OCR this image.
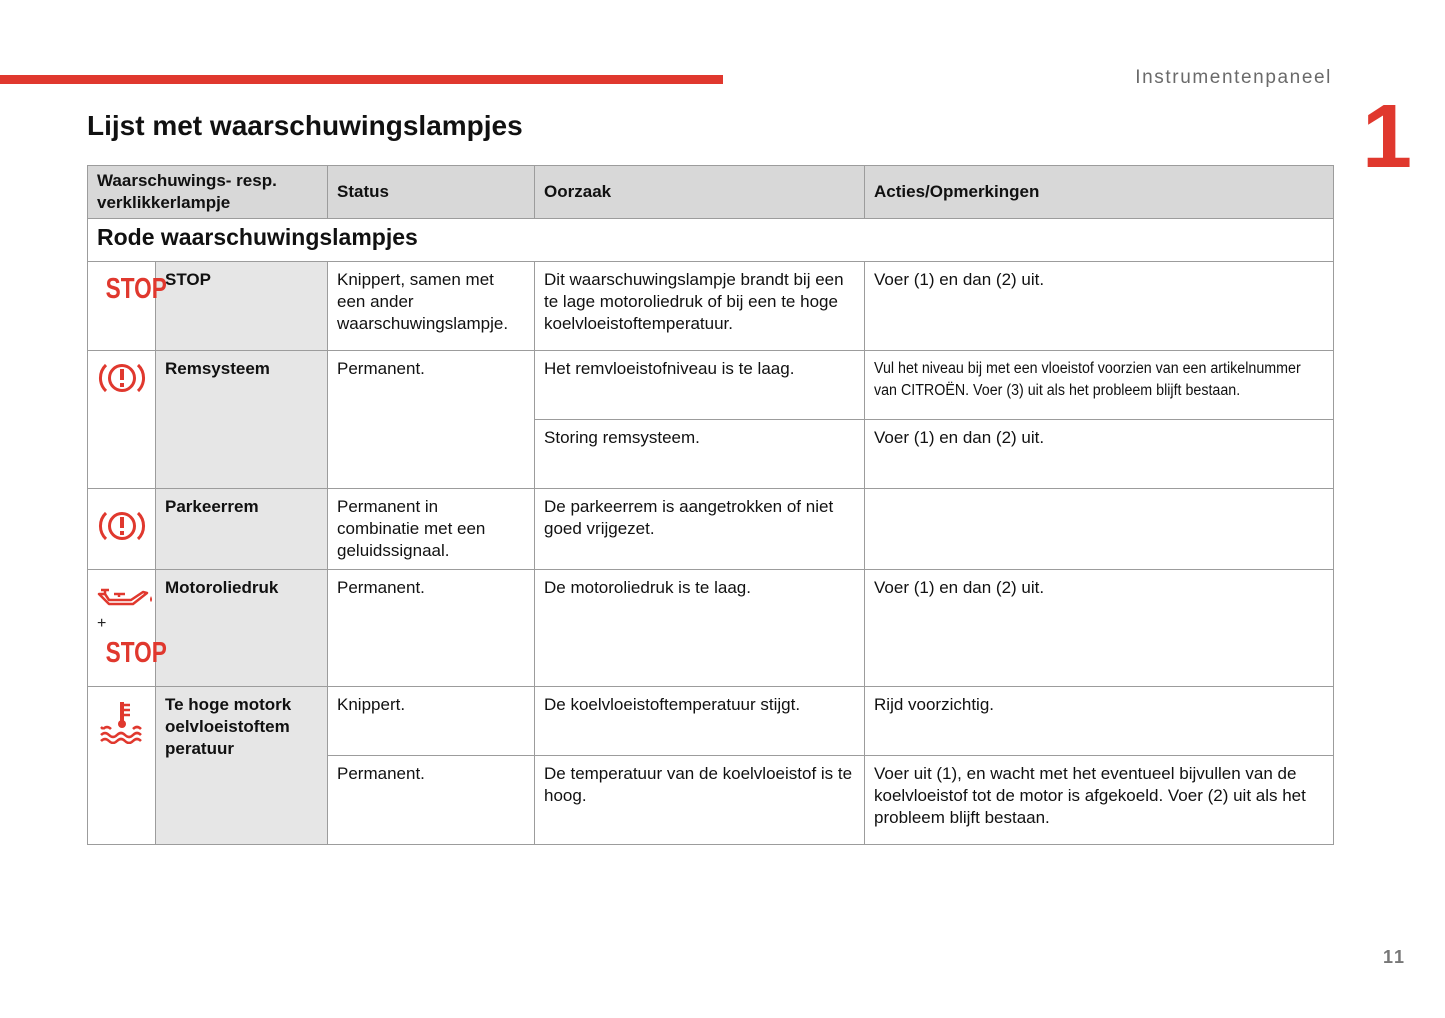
Instrumentenpaneel
1
Lijst met waarschuwingslampjes
Waarschuwings- resp. verklikkerlampje		Status	Oorzaak	Acties/Opmerkingen
Rode waarschuwingslampjes				
STOP	STOP	Knippert, samen met een ander waarschuwingslampje.	Dit waarschuwingslampje brandt bij een te lage motoroliedruk of bij een te hoge koelvloeistoftemperatuur.	Voer (1) en dan (2) uit.

	Remsysteem	Permanent.	Het remvloeistofniveau is te laag.	Vul het niveau bij met een vloeistof voorzien van een artikelnummer van CITROËN. Voer (3) uit als het probleem blijft bestaan.
			Storing remsysteem.	Voer (1) en dan (2) uit.

	Parkeerrem	Permanent in combinatie met een geluidssignaal.	De parkeerrem is aangetrokken of niet goed vrijgezet.	

+
STOP	Motoroliedruk	Permanent.	De motoroliedruk is te laag.	Voer (1) en dan (2) uit.

	Te hoge motork oelvloeistoftem peratuur	Knippert.	De koelvloeistoftemperatuur stijgt.	Rijd voorzichtig.
		Permanent.	De temperatuur van de koelvloeistof is te hoog.	Voer uit (1), en wacht met het eventueel bijvullen van de koelvloeistof tot de motor is afgekoeld. Voer (2) uit als het probleem blijft bestaan.
11
